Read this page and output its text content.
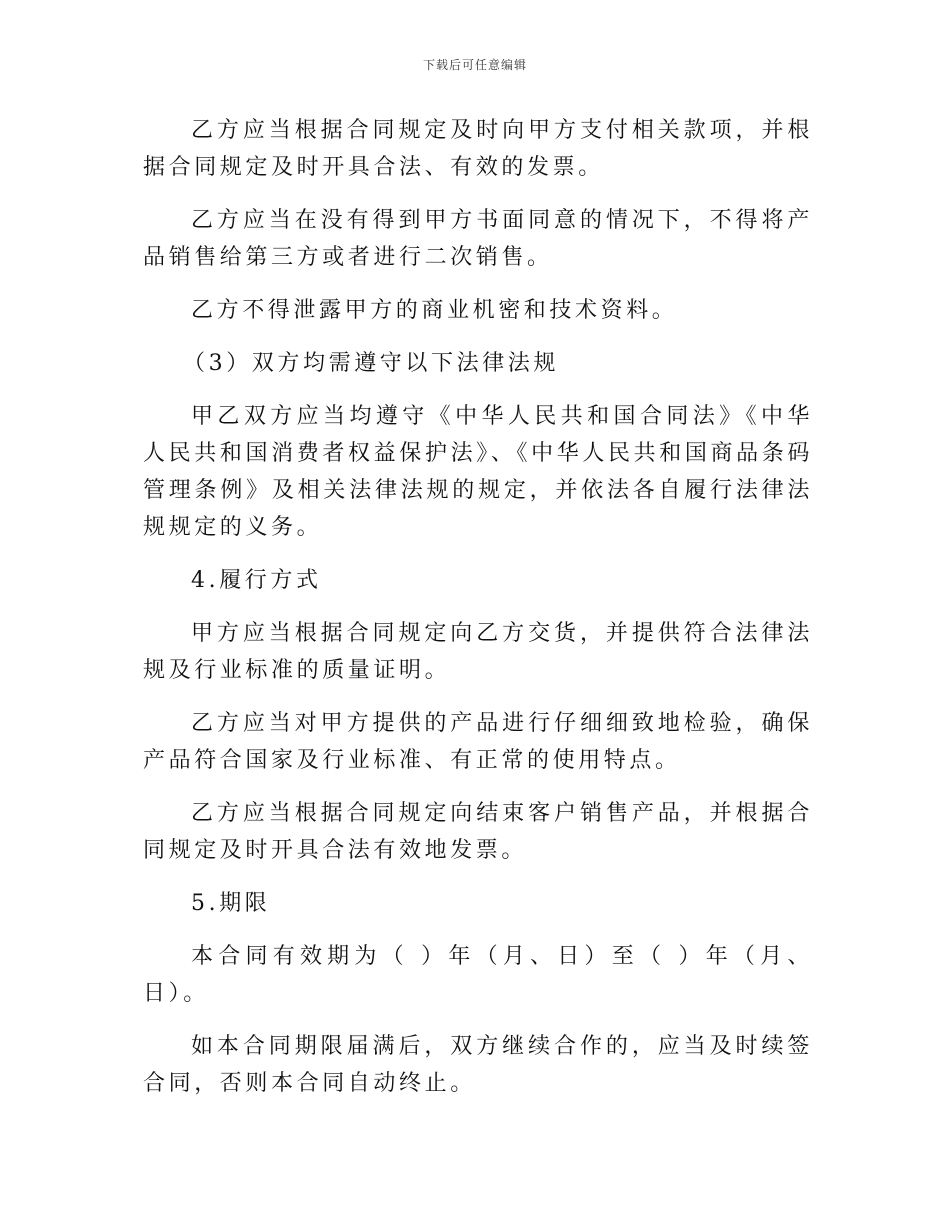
下载后可任意编辑

乙方应当根据合同规定及时向甲方支付相关款项，并根据合同规定及时开具合法、有效的发票。

乙方应当在没有得到甲方书面同意的情况下，不得将产品销售给第三方或者进行二次销售。

乙方不得泄露甲方的商业机密和技术资料。

（3）双方均需遵守以下法律法规

甲乙双方应当均遵守《中华人民共和国合同法》《中华人民共和国消费者权益保护法》、《中华人民共和国商品条码管理条例》及相关法律法规的规定，并依法各自履行法律法规规定的义务。

4.履行方式

甲方应当根据合同规定向乙方交货，并提供符合法律法规及行业标准的质量证明。

乙方应当对甲方提供的产品进行仔细细致地检验，确保产品符合国家及行业标准、有正常的使用特点。

乙方应当根据合同规定向结束客户销售产品，并根据合同规定及时开具合法有效地发票。

5.期限

本合同有效期为（ ）年（月、日）至（ ）年（月、日）。

如本合同期限届满后，双方继续合作的，应当及时续签合同，否则本合同自动终止。
